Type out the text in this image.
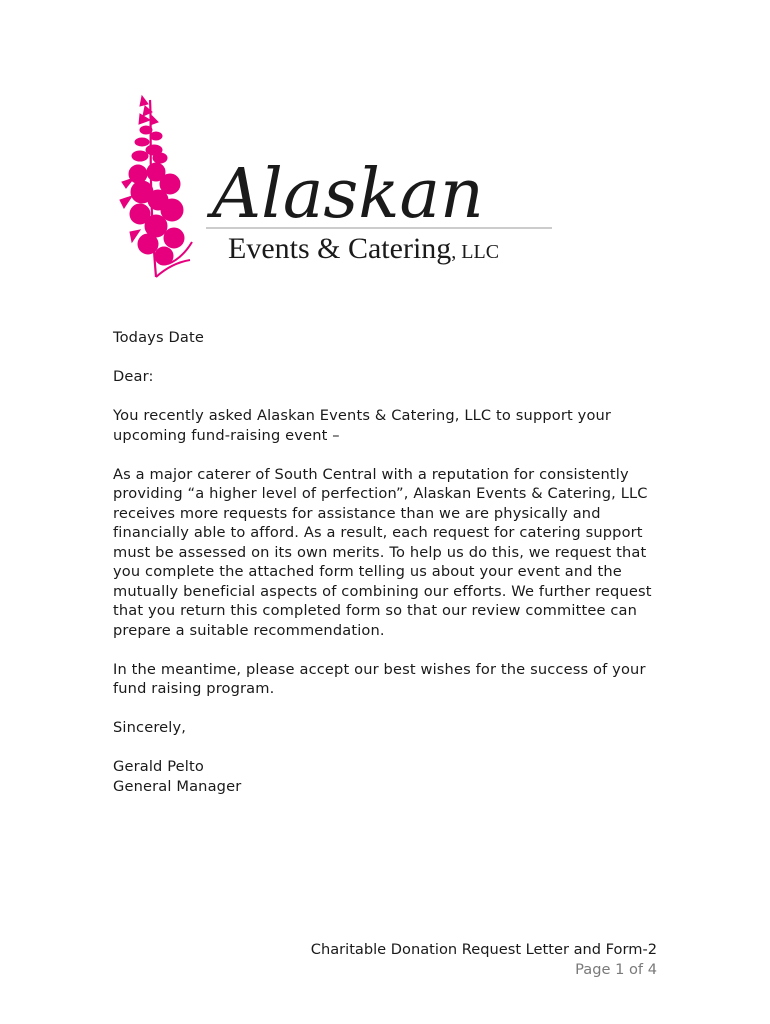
Alaskan
Events & Catering, LLC

Todays Date

Dear:

You recently asked Alaskan Events & Catering, LLC to support your upcoming fund-raising event –

As a major caterer of South Central with a reputation for consistently providing “a higher level of perfection”, Alaskan Events & Catering, LLC receives more requests for assistance than we are physically and financially able to afford. As a result, each request for catering support must be assessed on its own merits. To help us do this, we request that you complete the attached form telling us about your event and the mutually beneficial aspects of combining our efforts. We further request that you return this completed form so that our review committee can prepare a suitable recommendation.

In the meantime, please accept our best wishes for the success of your fund raising program.

Sincerely,

Gerald Pelto

General Manager

Charitable Donation Request Letter and Form-2
Page 1 of 4
